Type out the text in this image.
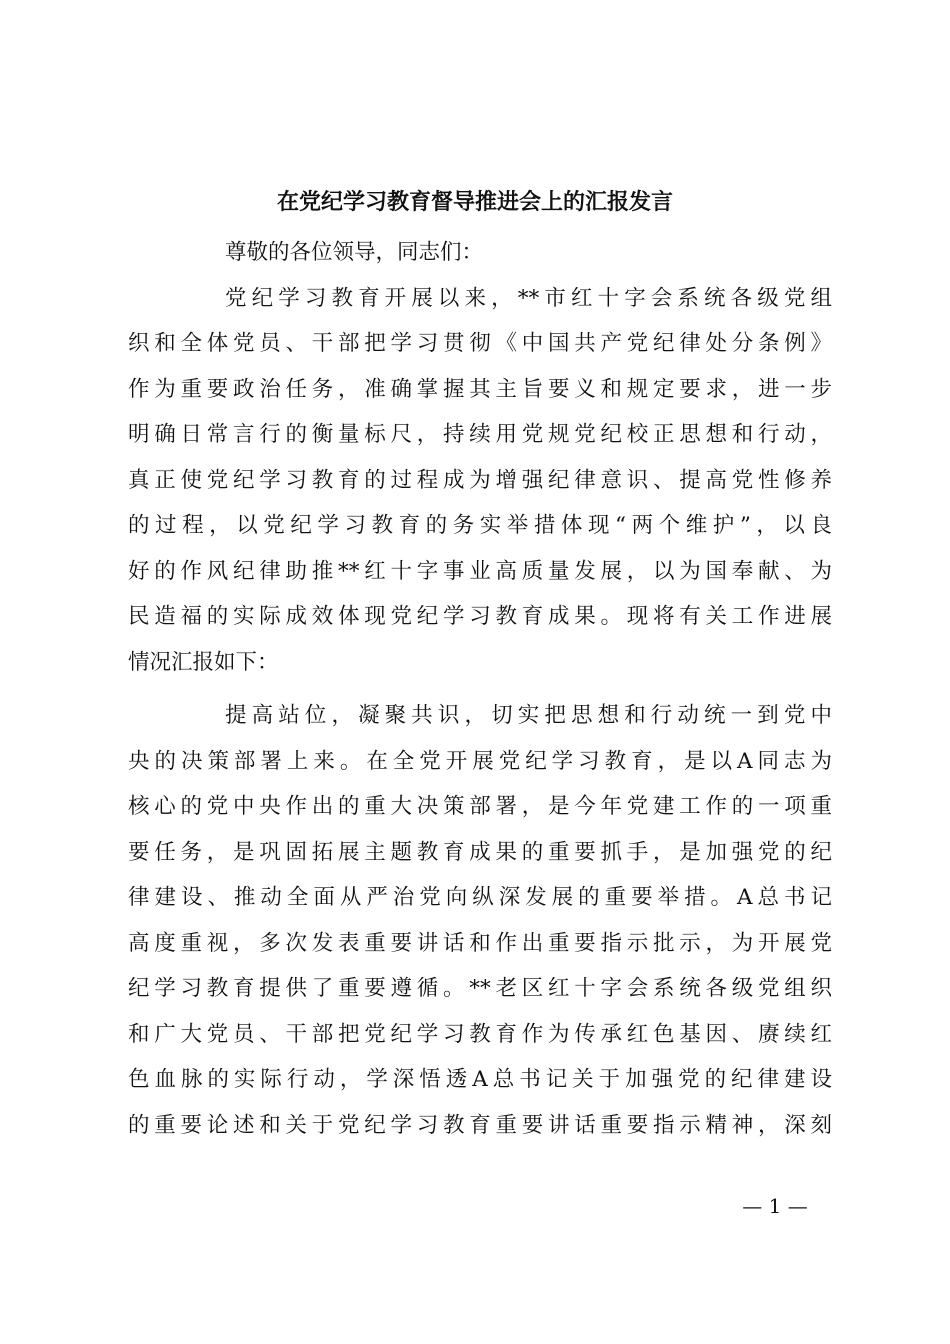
在党纪学习教育督导推进会上的汇报发言
尊敬的各位领导，同志们：
党纪学习教育开展以来，**市红十字会系统各级党组
织和全体党员、干部把学习贯彻《中国共产党纪律处分条例》
作为重要政治任务，准确掌握其主旨要义和规定要求，进一步
明确日常言行的衡量标尺，持续用党规党纪校正思想和行动，
真正使党纪学习教育的过程成为增强纪律意识、提高党性修养
的过程，以党纪学习教育的务实举措体现“两个维护”，以良
好的作风纪律助推**红十字事业高质量发展，以为国奉献、为
民造福的实际成效体现党纪学习教育成果。现将有关工作进展
情况汇报如下：
提高站位，凝聚共识，切实把思想和行动统一到党中
央的决策部署上来。在全党开展党纪学习教育，是以A同志为
核心的党中央作出的重大决策部署，是今年党建工作的一项重
要任务，是巩固拓展主题教育成果的重要抓手，是加强党的纪
律建设、推动全面从严治党向纵深发展的重要举措。A总书记
高度重视，多次发表重要讲话和作出重要指示批示，为开展党
纪学习教育提供了重要遵循。**老区红十字会系统各级党组织
和广大党员、干部把党纪学习教育作为传承红色基因、赓续红
色血脉的实际行动，学深悟透A总书记关于加强党的纪律建设
的重要论述和关于党纪学习教育重要讲话重要指示精神，深刻
— 1 —
